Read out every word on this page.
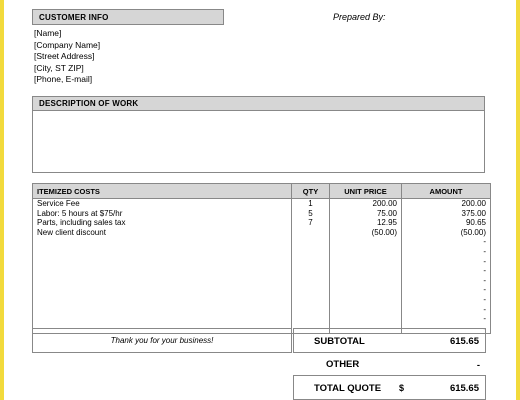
CUSTOMER INFO	Prepared By:
[Name]
[Company Name]
[Street Address]
[City, ST ZIP]
[Phone, E-mail]
DESCRIPTION OF WORK
ITEMIZED COSTS	QTY	UNIT PRICE	AMOUNT
Service Fee	1	200.00	200.00
Labor: 5 hours at $75/hr	5	75.00	375.00
Parts, including sales tax	7	12.95	90.65
New client discount		(50.00)	(50.00)
			-
			-
			-
			-
			-
			-
			-
			-
			-
			-
Thank you for your business!	SUBTOTAL	615.65
OTHER	-
TOTAL QUOTE $	615.65
